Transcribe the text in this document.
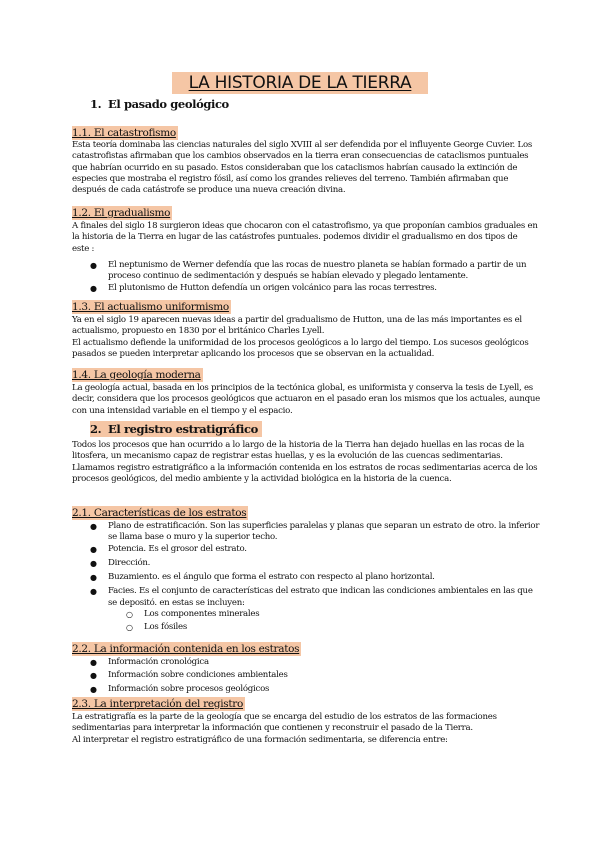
LA HISTORIA DE LA TIERRA
1. El pasado geológico
1.1. El catastrofismo
Esta teoría dominaba las ciencias naturales del siglo XVIII al ser defendida por el influyente George Cuvier. Los
catastrofistas afirmaban que los cambios observados en la tierra eran consecuencias de cataclismos puntuales
que habrían ocurrido en su pasado. Estos consideraban que los cataclismos habrían causado la extinción de
especies que mostraba el registro fósil, así como los grandes relieves del terreno. También afirmaban que
después de cada catástrofe se produce una nueva creación divina.
1.2. El gradualismo
A finales del siglo 18 surgieron ideas que chocaron con el catastrofismo, ya que proponían cambios graduales en
la historia de la Tierra en lugar de las catástrofes puntuales. podemos dividir el gradualismo en dos tipos de
este :
● El neptunismo de Werner defendía que las rocas de nuestro planeta se habían formado a partir de un
proceso continuo de sedimentación y después se habían elevado y plegado lentamente.
● El plutonismo de Hutton defendía un origen volcánico para las rocas terrestres.
1.3. El actualismo uniformismo
Ya en el siglo 19 aparecen nuevas ideas a partir del gradualismo de Hutton, una de las más importantes es el
actualismo, propuesto en 1830 por el británico Charles Lyell.
El actualismo defiende la uniformidad de los procesos geológicos a lo largo del tiempo. Los sucesos geológicos
pasados se pueden interpretar aplicando los procesos que se observan en la actualidad.
1.4. La geología moderna
La geología actual, basada en los principios de la tectónica global, es uniformista y conserva la tesis de Lyell, es
decir, considera que los procesos geológicos que actuaron en el pasado eran los mismos que los actuales, aunque
con una intensidad variable en el tiempo y el espacio.
2. El registro estratigráfico
Todos los procesos que han ocurrido a lo largo de la historia de la Tierra han dejado huellas en las rocas de la
litosfera, un mecanismo capaz de registrar estas huellas, y es la evolución de las cuencas sedimentarias.
Llamamos registro estratigráfico a la información contenida en los estratos de rocas sedimentarias acerca de los
procesos geológicos, del medio ambiente y la actividad biológica en la historia de la cuenca.
2.1. Características de los estratos
● Plano de estratificación. Son las superficies paralelas y planas que separan un estrato de otro. la inferior
se llama base o muro y la superior techo.
● Potencia. Es el grosor del estrato.
● Dirección.
● Buzamiento. es el ángulo que forma el estrato con respecto al plano horizontal.
● Facies. Es el conjunto de características del estrato que indican las condiciones ambientales en las que
se depositó. en estas se incluyen:
○ Los componentes minerales
○ Los fósiles
2.2. La información contenida en los estratos
● Información cronológica
● Información sobre condiciones ambientales
● Información sobre procesos geológicos
2.3. La interpretación del registro
La estratigrafía es la parte de la geología que se encarga del estudio de los estratos de las formaciones
sedimentarias para interpretar la información que contienen y reconstruir el pasado de la Tierra.
Al interpretar el registro estratigráfico de una formación sedimentaria, se diferencia entre:
